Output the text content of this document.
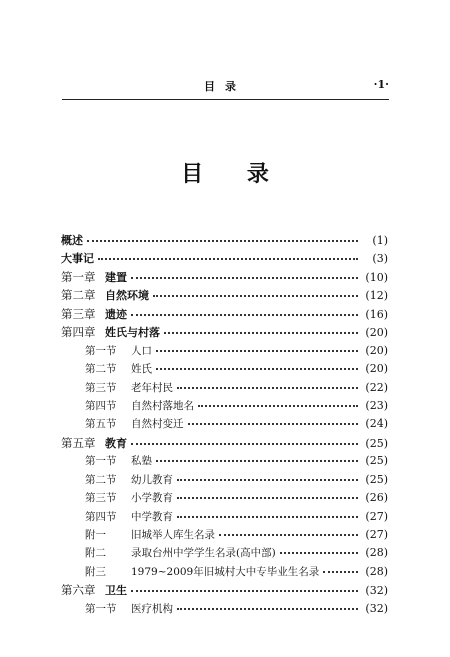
目录	·1·
目 录
概述	(1)
大事记	(3)
第一章 建置	(10)
第二章 自然环境	(12)
第三章 遗迹	(16)
第四章 姓氏与村落	(20)
第一节	人口	(20)
第二节	姓氏	(20)
第三节	老年村民	(22)
第四节	自然村落地名	(23)
第五节	自然村变迁	(24)
第五章 教育	(25)
第一节	私塾	(25)
第二节	幼儿教育	(25)
第三节	小学教育	(26)
第四节	中学教育	(27)
附一	旧城举人库生名录	(27)
附二	录取台州中学学生名录(高中部)	(28)
附三	1979~2009年旧城村大中专毕业生名录	(28)
第六章 卫生	(32)
第一节	医疗机构	(32)
